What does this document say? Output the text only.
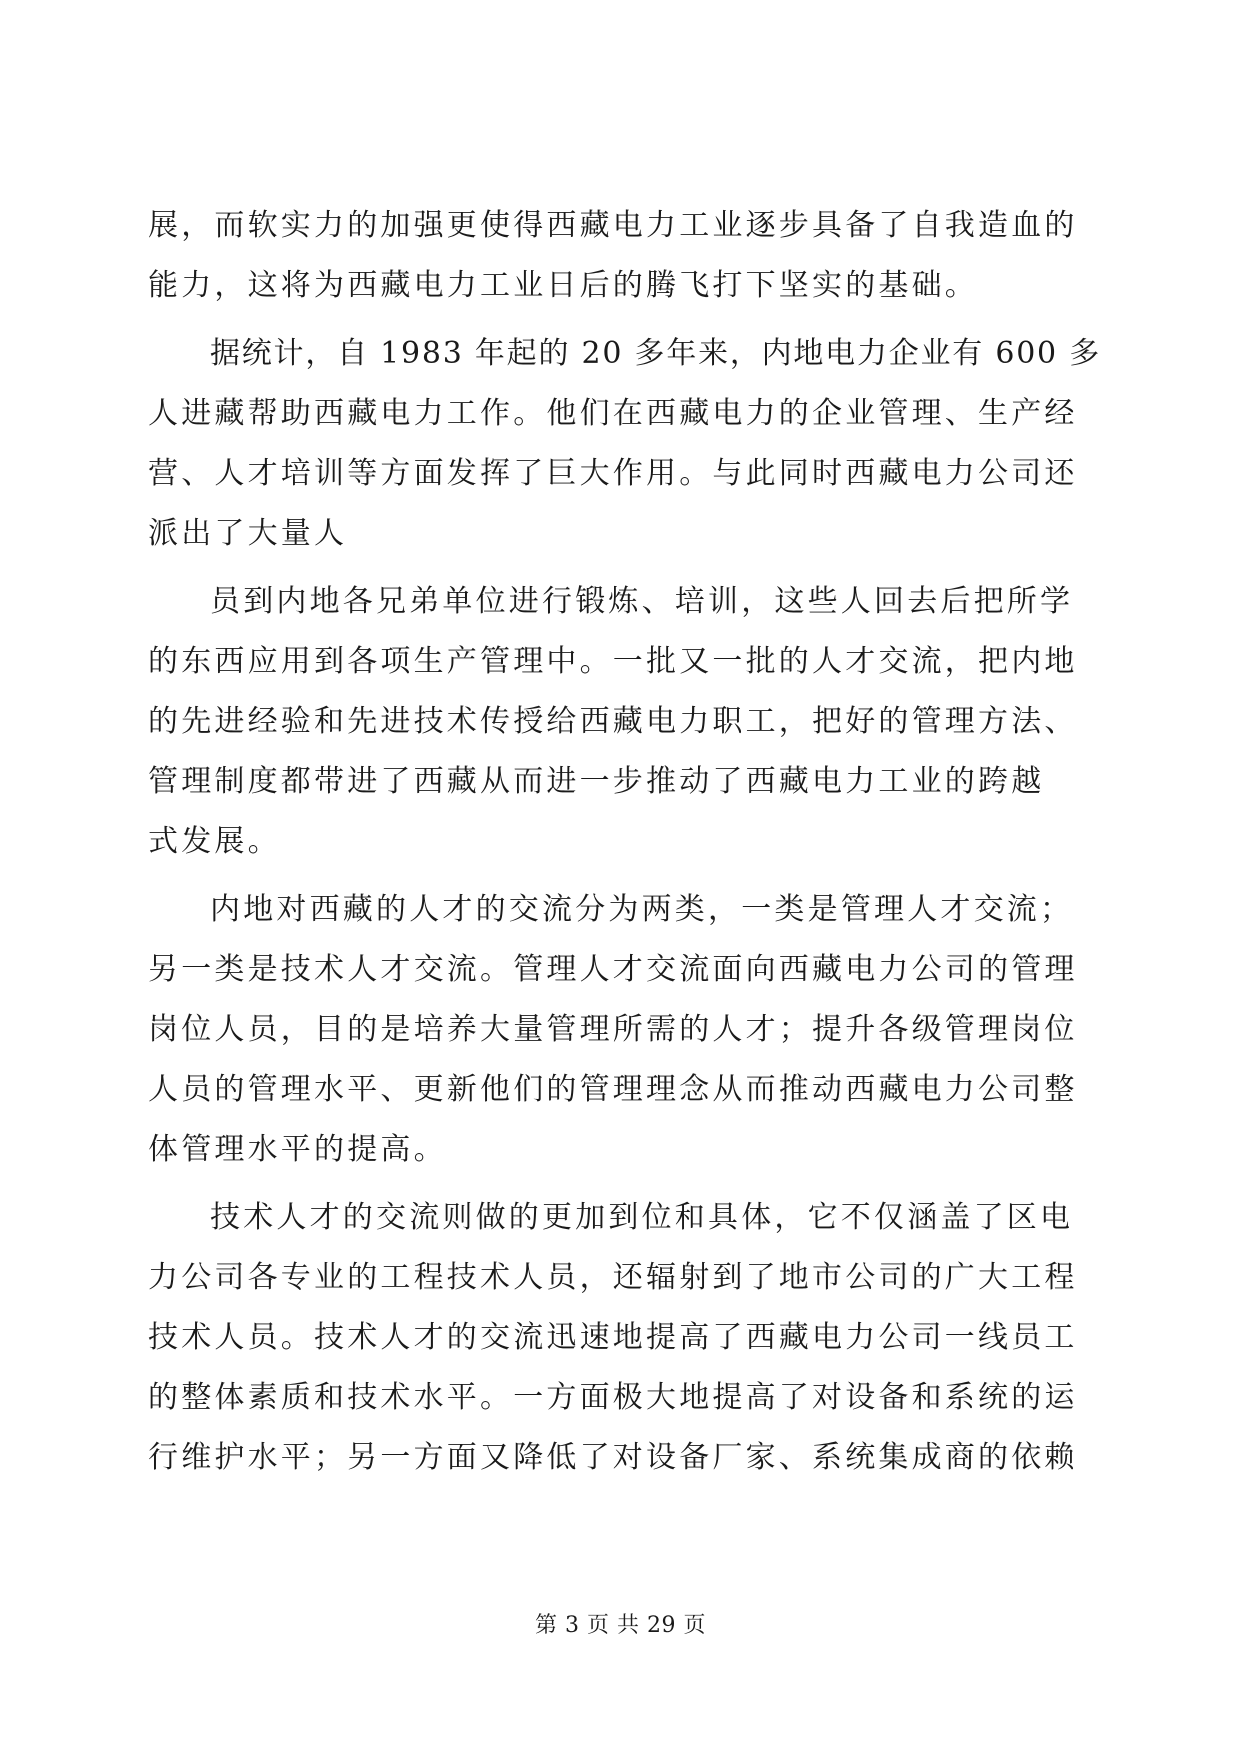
展，而软实力的加强更使得西藏电力工业逐步具备了自我造血的
能力，这将为西藏电力工业日后的腾飞打下坚实的基础。
据统计，自 1983 年起的 20 多年来，内地电力企业有 600 多
人进藏帮助西藏电力工作。他们在西藏电力的企业管理、生产经
营、人才培训等方面发挥了巨大作用。与此同时西藏电力公司还
派出了大量人
员到内地各兄弟单位进行锻炼、培训，这些人回去后把所学
的东西应用到各项生产管理中。一批又一批的人才交流，把内地
的先进经验和先进技术传授给西藏电力职工，把好的管理方法、
管理制度都带进了西藏从而进一步推动了西藏电力工业的跨越
式发展。
内地对西藏的人才的交流分为两类，一类是管理人才交流；
另一类是技术人才交流。管理人才交流面向西藏电力公司的管理
岗位人员，目的是培养大量管理所需的人才；提升各级管理岗位
人员的管理水平、更新他们的管理理念从而推动西藏电力公司整
体管理水平的提高。
技术人才的交流则做的更加到位和具体，它不仅涵盖了区电
力公司各专业的工程技术人员，还辐射到了地市公司的广大工程
技术人员。技术人才的交流迅速地提高了西藏电力公司一线员工
的整体素质和技术水平。一方面极大地提高了对设备和系统的运
行维护水平；另一方面又降低了对设备厂家、系统集成商的依赖
第 3 页 共 29 页
